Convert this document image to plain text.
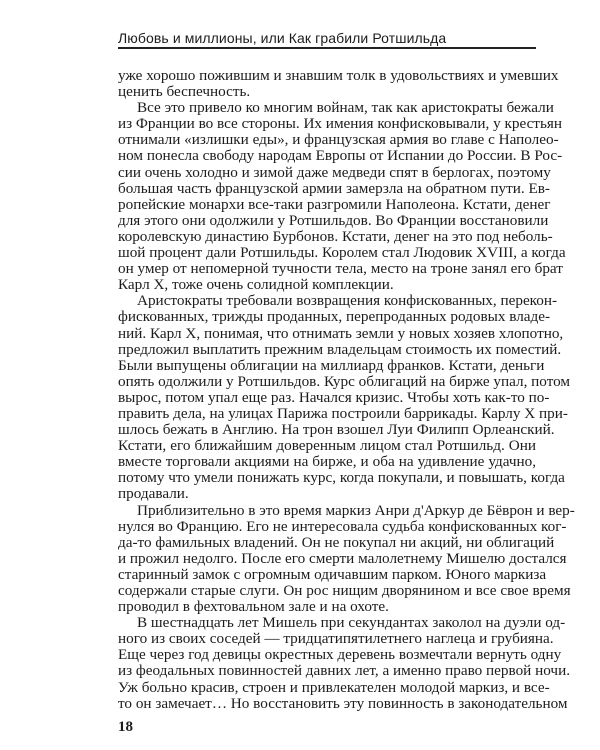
Любовь и миллионы, или Как грабили Ротшильда
уже хорошо пожившим и знавшим толк в удовольствиях и умевших
ценить беспечность.
Все это привело ко многим войнам, так как аристократы бежали
из Франции во все стороны. Их имения конфисковывали, у крестьян
отнимали «излишки еды», и французская армия во главе с Наполео-
ном понесла свободу народам Европы от Испании до России. В Рос-
сии очень холодно и зимой даже медведи спят в берлогах, поэтому
большая часть французской армии замерзла на обратном пути. Ев-
ропейские монархи все-таки разгромили Наполеона. Кстати, денег
для этого они одолжили у Ротшильдов. Во Франции восстановили
королевскую династию Бурбонов. Кстати, денег на это под неболь-
шой процент дали Ротшильды. Королем стал Людовик XVIII, а когда
он умер от непомерной тучности тела, место на троне занял его брат
Карл X, тоже очень солидной комплекции.
Аристократы требовали возвращения конфискованных, перекон-
фискованных, трижды проданных, перепроданных родовых владе-
ний. Карл X, понимая, что отнимать земли у новых хозяев хлопотно,
предложил выплатить прежним владельцам стоимость их поместий.
Были выпущены облигации на миллиард франков. Кстати, деньги
опять одолжили у Ротшильдов. Курс облигаций на бирже упал, потом
вырос, потом упал еще раз. Начался кризис. Чтобы хоть как-то по-
править дела, на улицах Парижа построили баррикады. Карлу X при-
шлось бежать в Англию. На трон взошел Луи Филипп Орлеанский.
Кстати, его ближайшим доверенным лицом стал Ротшильд. Они
вместе торговали акциями на бирже, и оба на удивление удачно,
потому что умели понижать курс, когда покупали, и повышать, когда
продавали.
Приблизительно в это время маркиз Анри д'Аркур де Бёврон и вер-
нулся во Францию. Его не интересовала судьба конфискованных ког-
да-то фамильных владений. Он не покупал ни акций, ни облигаций
и прожил недолго. После его смерти малолетнему Мишелю достался
старинный замок с огромным одичавшим парком. Юного маркиза
содержали старые слуги. Он рос нищим дворянином и все свое время
проводил в фехтовальном зале и на охоте.
В шестнадцать лет Мишель при секундантах заколол на дуэли од-
ного из своих соседей — тридцатипятилетнего наглеца и грубияна.
Еще через год девицы окрестных деревень возмечтали вернуть одну
из феодальных повинностей давних лет, а именно право первой ночи.
Уж больно красив, строен и привлекателен молодой маркиз, и все-
то он замечает… Но восстановить эту повинность в законодательном
18
